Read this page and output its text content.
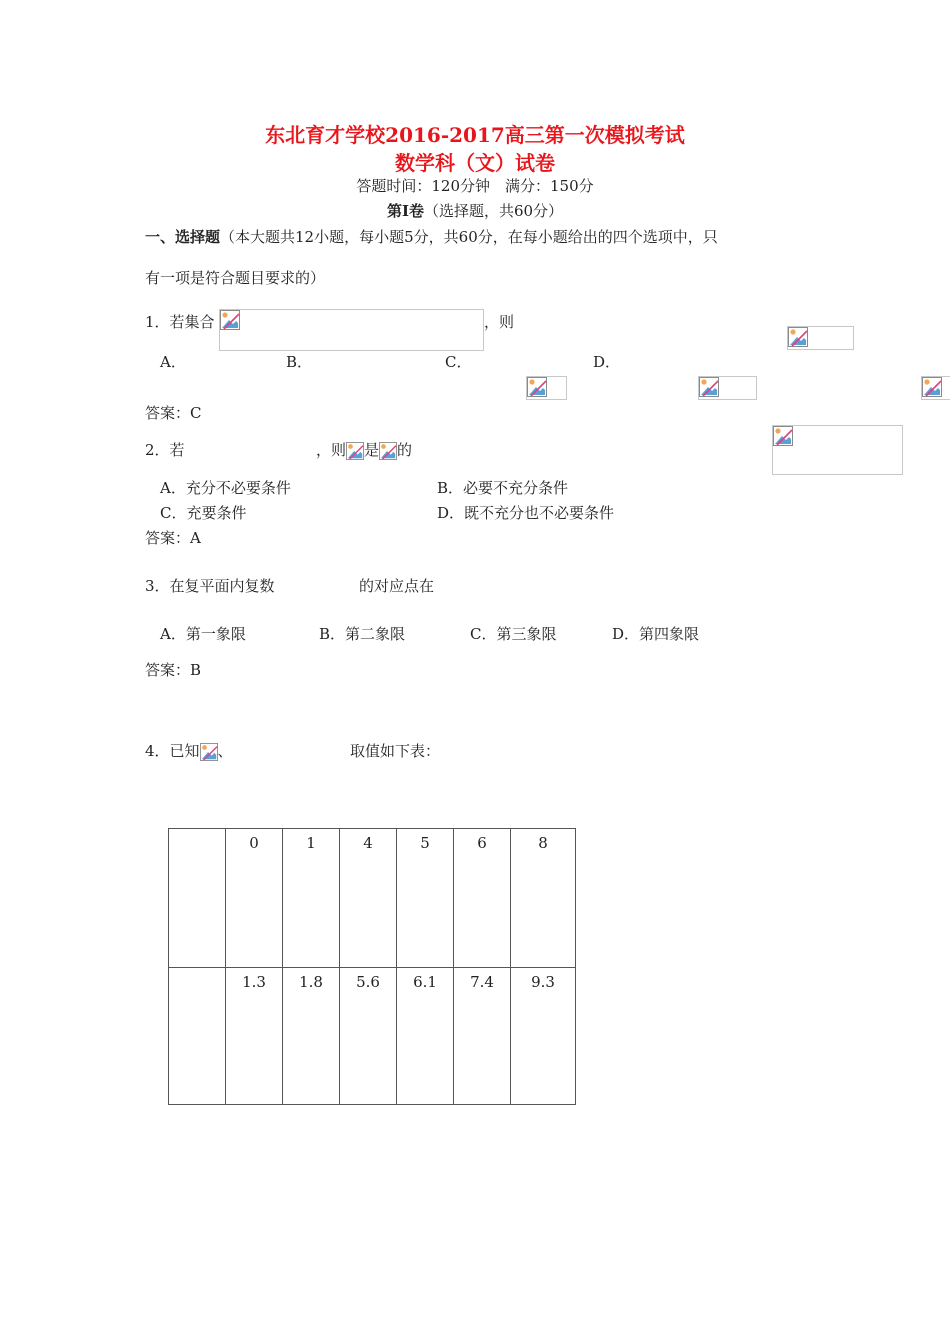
东北育才学校2016-2017高三第一次模拟考试
数学科（文）试卷
答题时间：120分钟　满分：150分
第Ⅰ卷（选择题，共60分）
一、选择题（本大题共12小题，每小题5分，共60分，在每小题给出的四个选项中，只
有一项是符合题目要求的）
1．若集合
	，则

A．
	B．
	C．
	D．

答案：C
2．若
	，则 是 的
A．充分不必要条件	B．必要不充分条件
C．充要条件	D．既不充分也不必要条件
答案：A
3．在复平面内复数	的对应点在
A．第一象限	B．第二象限	C．第三象限	D．第四象限
答案：B
4．已知 、	取值如下表：
	0	1	4	5	6	8
	1.3	1.8	5.6	6.1	7.4	9.3
